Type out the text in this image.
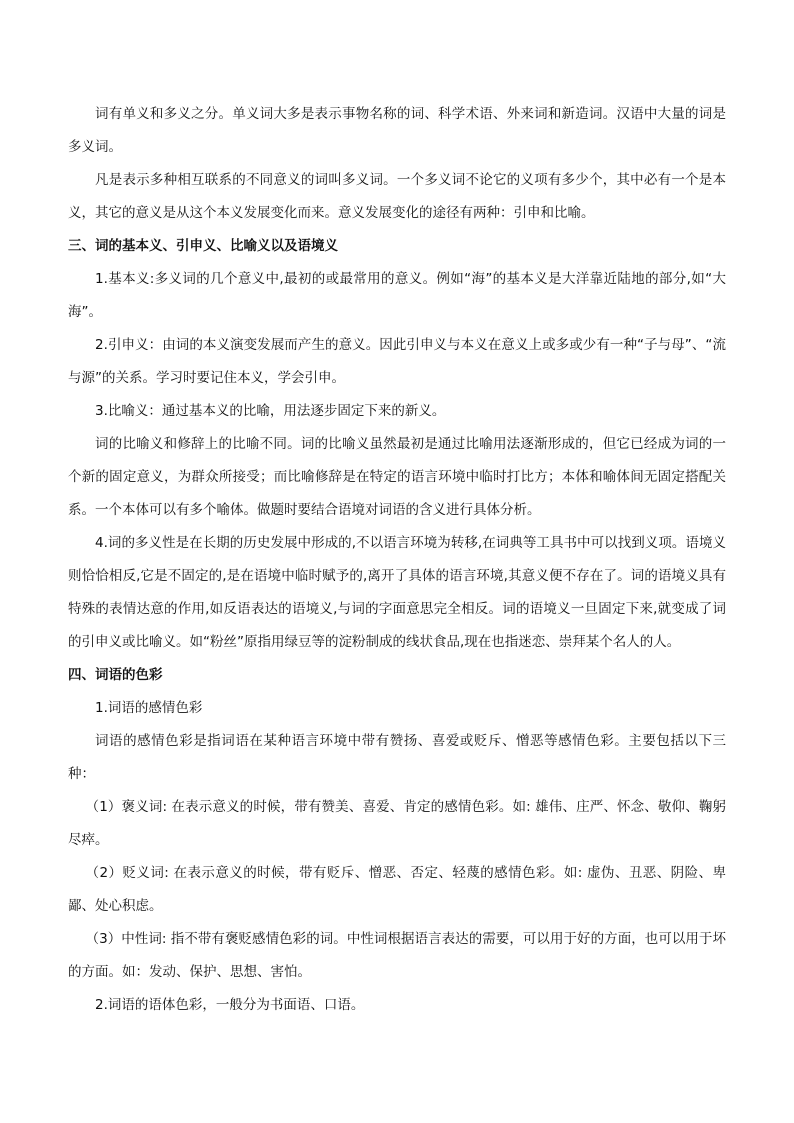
词有单义和多义之分。单义词大多是表示事物名称的词、科学术语、外来词和新造词。汉语中大量的词是多义词。

凡是表示多种相互联系的不同意义的词叫多义词。一个多义词不论它的义项有多少个，其中必有一个是本义，其它的意义是从这个本义发展变化而来。意义发展变化的途径有两种：引申和比喻。

三、词的基本义、引申义、比喻义以及语境义

1.基本义:多义词的几个意义中,最初的或最常用的意义。例如“海”的基本义是大洋靠近陆地的部分,如“大海”。

2.引申义：由词的本义演变发展而产生的意义。因此引申义与本义在意义上或多或少有一种“子与母”、“流与源”的关系。学习时要记住本义，学会引申。

3.比喻义：通过基本义的比喻，用法逐步固定下来的新义。

词的比喻义和修辞上的比喻不同。词的比喻义虽然最初是通过比喻用法逐渐形成的，但它已经成为词的一个新的固定意义，为群众所接受；而比喻修辞是在特定的语言环境中临时打比方；本体和喻体间无固定搭配关系。一个本体可以有多个喻体。做题时要结合语境对词语的含义进行具体分析。

4.词的多义性是在长期的历史发展中形成的,不以语言环境为转移,在词典等工具书中可以找到义项。语境义则恰恰相反,它是不固定的,是在语境中临时赋予的,离开了具体的语言环境,其意义便不存在了。词的语境义具有特殊的表情达意的作用,如反语表达的语境义,与词的字面意思完全相反。词的语境义一旦固定下来,就变成了词的引申义或比喻义。如“粉丝”原指用绿豆等的淀粉制成的线状食品,现在也指迷恋、崇拜某个名人的人。

四、词语的色彩

1.词语的感情色彩

词语的感情色彩是指词语在某种语言环境中带有赞扬、喜爱或贬斥、憎恶等感情色彩。主要包括以下三种：

（1）褒义词: 在表示意义的时候，带有赞美、喜爱、肯定的感情色彩。如: 雄伟、庄严、怀念、敬仰、鞠躬尽瘁。

（2）贬义词: 在表示意义的时候，带有贬斥、憎恶、否定、轻蔑的感情色彩。如: 虚伪、丑恶、阴险、卑鄙、处心积虑。

（3）中性词: 指不带有褒贬感情色彩的词。中性词根据语言表达的需要，可以用于好的方面，也可以用于坏的方面。如：发动、保护、思想、害怕。

2.词语的语体色彩，一般分为书面语、口语。
